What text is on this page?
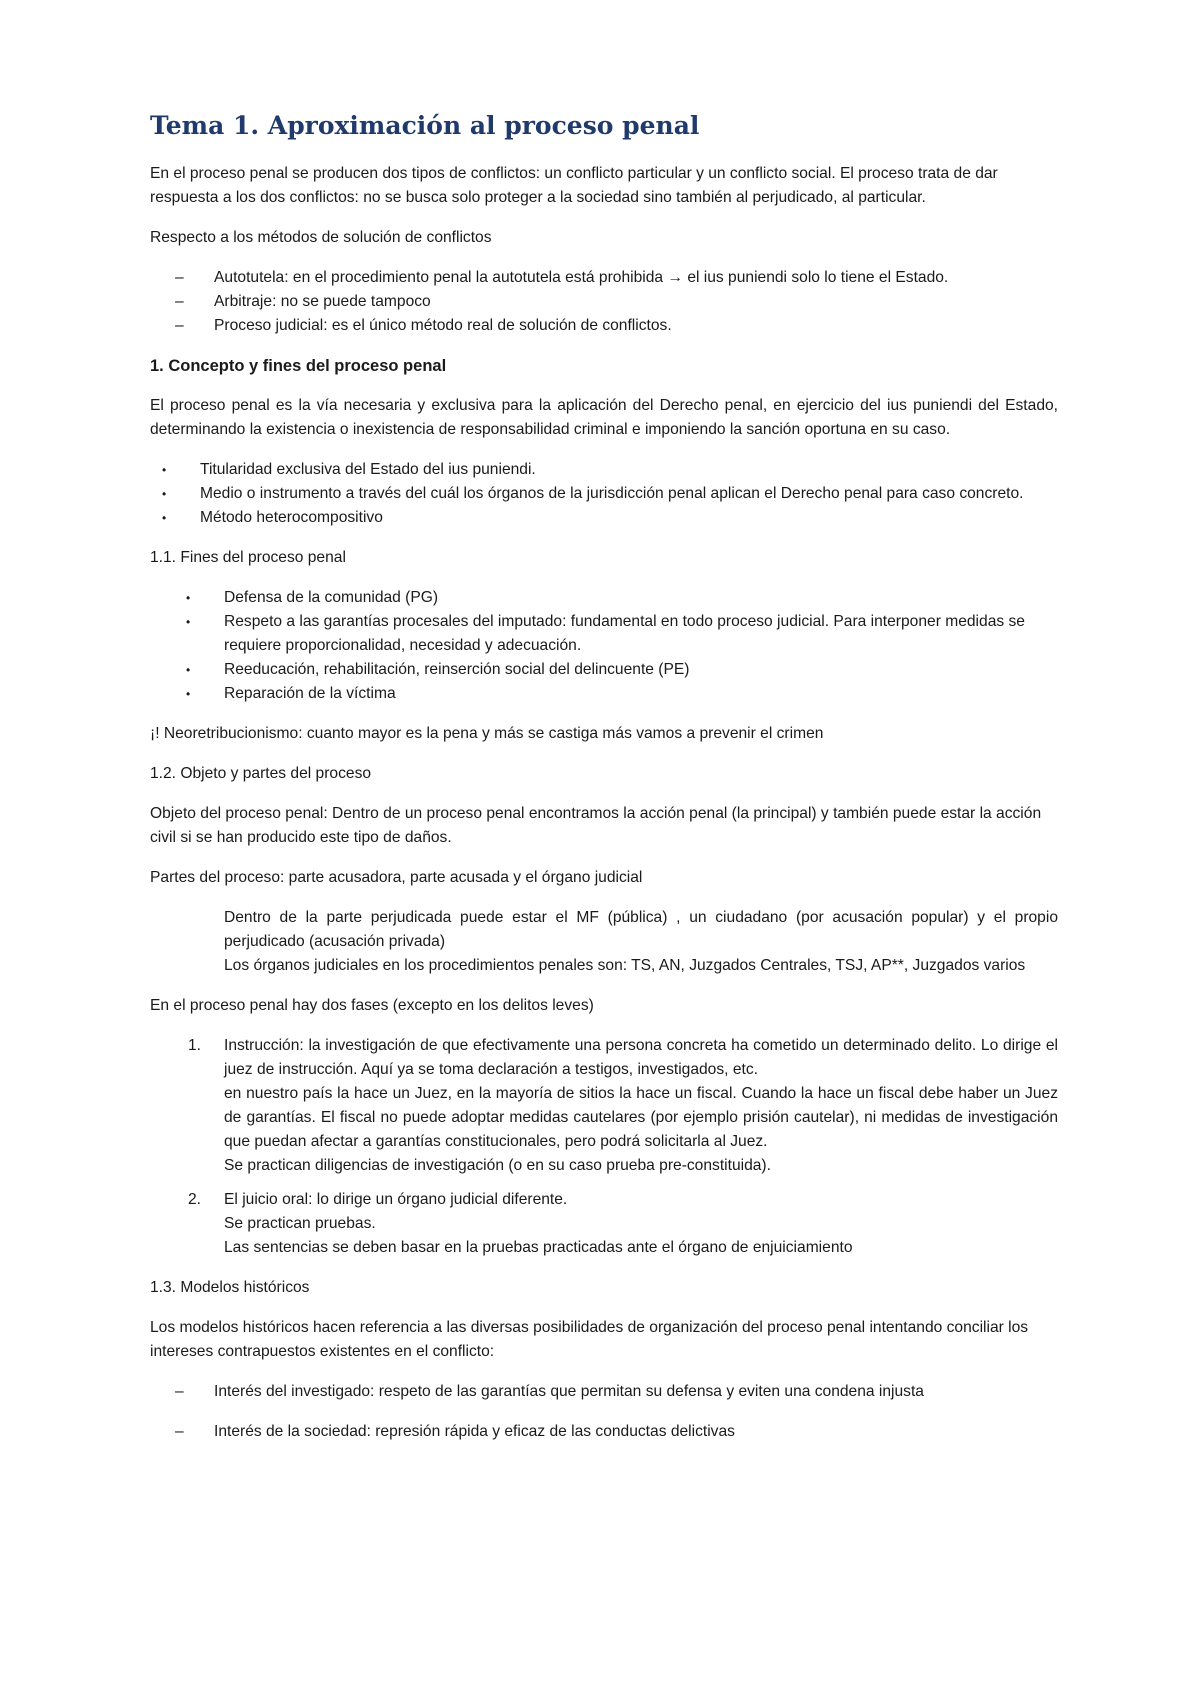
Tema 1. Aproximación al proceso penal

En el proceso penal se producen dos tipos de conflictos: un conflicto particular y un conflicto social. El proceso trata de dar respuesta a los dos conflictos: no se busca solo proteger a la sociedad sino también al perjudicado, al particular.

Respecto a los métodos de solución de conflictos

– Autotutela: en el procedimiento penal la autotutela está prohibida → el ius puniendi solo lo tiene el Estado.
– Arbitraje: no se puede tampoco
– Proceso judicial: es el único método real de solución de conflictos.
1. Concepto y fines del proceso penal

El proceso penal es la vía necesaria y exclusiva para la aplicación del Derecho penal, en ejercicio del ius puniendi del Estado, determinando la existencia o inexistencia de responsabilidad criminal e imponiendo la sanción oportuna en su caso.

• Titularidad exclusiva del Estado del ius puniendi.
• Medio o instrumento a través del cuál los órganos de la jurisdicción penal aplican el Derecho penal para caso concreto.
• Método heterocompositivo

1.1. Fines del proceso penal

• Defensa de la comunidad (PG)
• Respeto a las garantías procesales del imputado: fundamental en todo proceso judicial. Para interponer medidas se requiere proporcionalidad, necesidad y adecuación.
• Reeducación, rehabilitación, reinserción social del delincuente (PE)
• Reparación de la víctima

¡! Neoretribucionismo: cuanto mayor es la pena y más se castiga más vamos a prevenir el crimen

1.2. Objeto y partes del proceso

Objeto del proceso penal: Dentro de un proceso penal encontramos la acción penal (la principal) y también puede estar la acción civil si se han producido este tipo de daños.

Partes del proceso: parte acusadora, parte acusada y el órgano judicial

Dentro de la parte perjudicada puede estar el MF (pública) , un ciudadano (por acusación popular) y el propio perjudicado (acusación privada)
Los órganos judiciales en los procedimientos penales son: TS, AN, Juzgados Centrales, TSJ, AP**, Juzgados varios

En el proceso penal hay dos fases (excepto en los delitos leves)

1. Instrucción: la investigación de que efectivamente una persona concreta ha cometido un determinado delito. Lo dirige el juez de instrucción. Aquí ya se toma declaración a testigos, investigados, etc.
en nuestro país la hace un Juez, en la mayoría de sitios la hace un fiscal. Cuando la hace un fiscal debe haber un Juez de garantías. El fiscal no puede adoptar medidas cautelares (por ejemplo prisión cautelar), ni medidas de investigación que puedan afectar a garantías constitucionales, pero podrá solicitarla al Juez.
Se practican diligencias de investigación (o en su caso prueba pre-constituida).
2. El juicio oral: lo dirige un órgano judicial diferente.
Se practican pruebas.
Las sentencias se deben basar en la pruebas practicadas ante el órgano de enjuiciamiento

1.3. Modelos históricos

Los modelos históricos hacen referencia a las diversas posibilidades de organización del proceso penal intentando conciliar los intereses contrapuestos existentes en el conflicto:

– Interés del investigado: respeto de las garantías que permitan su defensa y eviten una condena injusta
– Interés de la sociedad: represión rápida y eficaz de las conductas delictivas
